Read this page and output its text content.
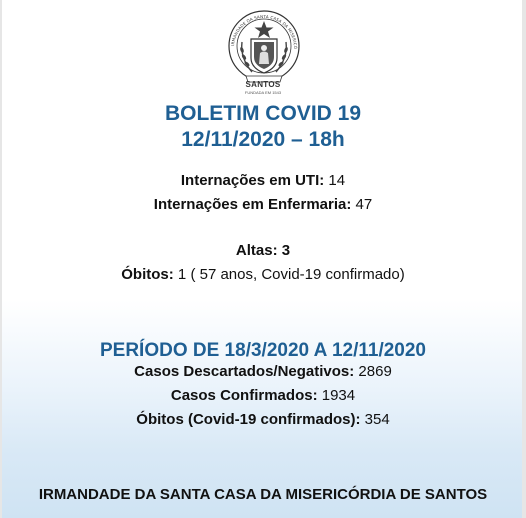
IRMANDADE DA SANTA CASA DA MISERICÓ
SANTOS
FUNDADA EM 1543
BOLETIM COVID 19
12/11/2020 – 18h
Internações em UTI: 14
Internações em Enfermaria: 47
Altas: 3
Óbitos: 1 ( 57 anos, Covid-19 confirmado)
PERÍODO DE 18/3/2020 A 12/11/2020
Casos Descartados/Negativos: 2869
Casos Confirmados: 1934
Óbitos (Covid-19 confirmados): 354
IRMANDADE DA SANTA CASA DA MISERICÓRDIA DE SANTOS
